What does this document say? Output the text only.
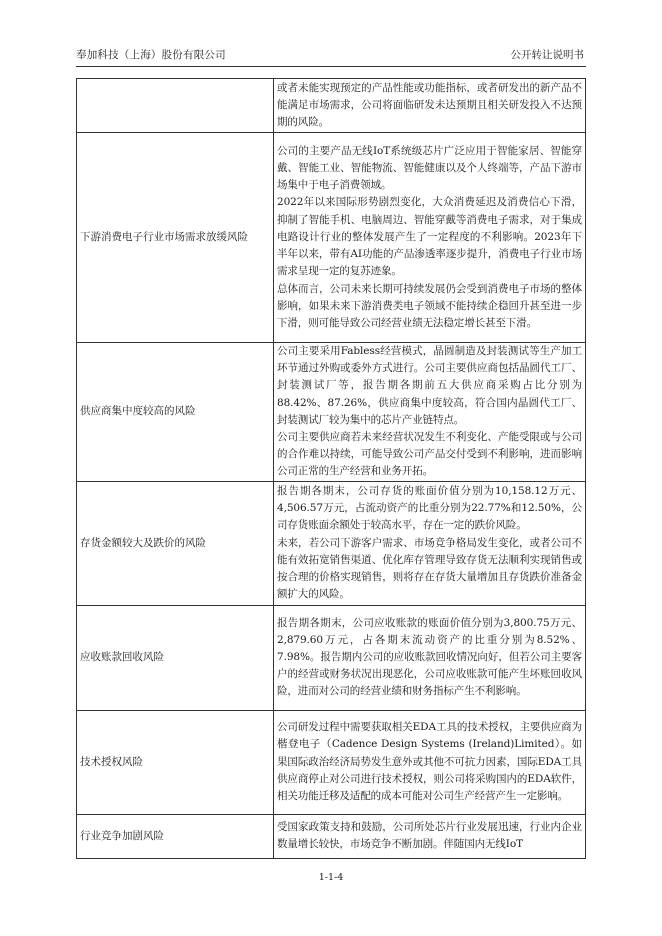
奉加科技（上海）股份有限公司	公开转让说明书

	或者未能实现预定的产品性能或功能指标，或者研发出的新产品不能满足市场需求，公司将面临研发未达预期且相关研发投入不达预期的风险。

下游消费电子行业市场需求放缓风险	公司的主要产品无线IoT系统级芯片广泛应用于智能家居、智能穿戴、智能工业、智能物流、智能健康以及个人终端等，产品下游市场集中于电子消费领域。

2022年以来国际形势剧烈变化，大众消费延迟及消费信心下滑，抑制了智能手机、电脑周边、智能穿戴等消费电子需求，对于集成电路设计行业的整体发展产生了一定程度的不利影响。2023年下半年以来，带有AI功能的产品渗透率逐步提升，消费电子行业市场需求呈现一定的复苏迹象。

总体而言，公司未来长期可持续发展仍会受到消费电子市场的整体影响，如果未来下游消费类电子领域不能持续企稳回升甚至进一步下滑，则可能导致公司经营业绩无法稳定增长甚至下滑。

供应商集中度较高的风险	公司主要采用Fabless经营模式，晶圆制造及封装测试等生产加工环节通过外购或委外方式进行。公司主要供应商包括晶圆代工厂、封装测试厂等，报告期各期前五大供应商采购占比分别为88.42%、87.26%，供应商集中度较高，符合国内晶圆代工厂、封装测试厂较为集中的芯片产业链特点。

公司主要供应商若未来经营状况发生不利变化、产能受限或与公司的合作难以持续，可能导致公司产品交付受到不利影响，进而影响公司正常的生产经营和业务开拓。

存货金额较大及跌价的风险	报告期各期末，公司存货的账面价值分别为10,158.12万元、4,506.57万元，占流动资产的比重分别为22.77%和12.50%，公司存货账面余额处于较高水平，存在一定的跌价风险。

未来，若公司下游客户需求、市场竞争格局发生变化，或者公司不能有效拓宽销售渠道、优化库存管理导致存货无法顺利实现销售或按合理的价格实现销售，则将存在存货大量增加且存货跌价准备金额扩大的风险。

应收账款回收风险	报告期各期末，公司应收账款的账面价值分别为3,800.75万元、2,879.60万元，占各期末流动资产的比重分别为8.52%、7.98%。报告期内公司的应收账款回收情况向好，但若公司主要客户的经营或财务状况出现恶化，公司应收账款可能产生坏账回收风险，进而对公司的经营业绩和财务指标产生不利影响。

技术授权风险	公司研发过程中需要获取相关EDA工具的技术授权，主要供应商为楷登电子（Cadence Design Systems (Ireland)Limited）。如果国际政治经济局势发生意外或其他不可抗力因素，国际EDA工具供应商停止对公司进行技术授权，则公司将采购国内的EDA软件，相关功能迁移及适配的成本可能对公司生产经营产生一定影响。

行业竞争加剧风险	受国家政策支持和鼓励，公司所处芯片行业发展迅速，行业内企业数量增长较快，市场竞争不断加剧。伴随国内无线IoT

1-1-4
